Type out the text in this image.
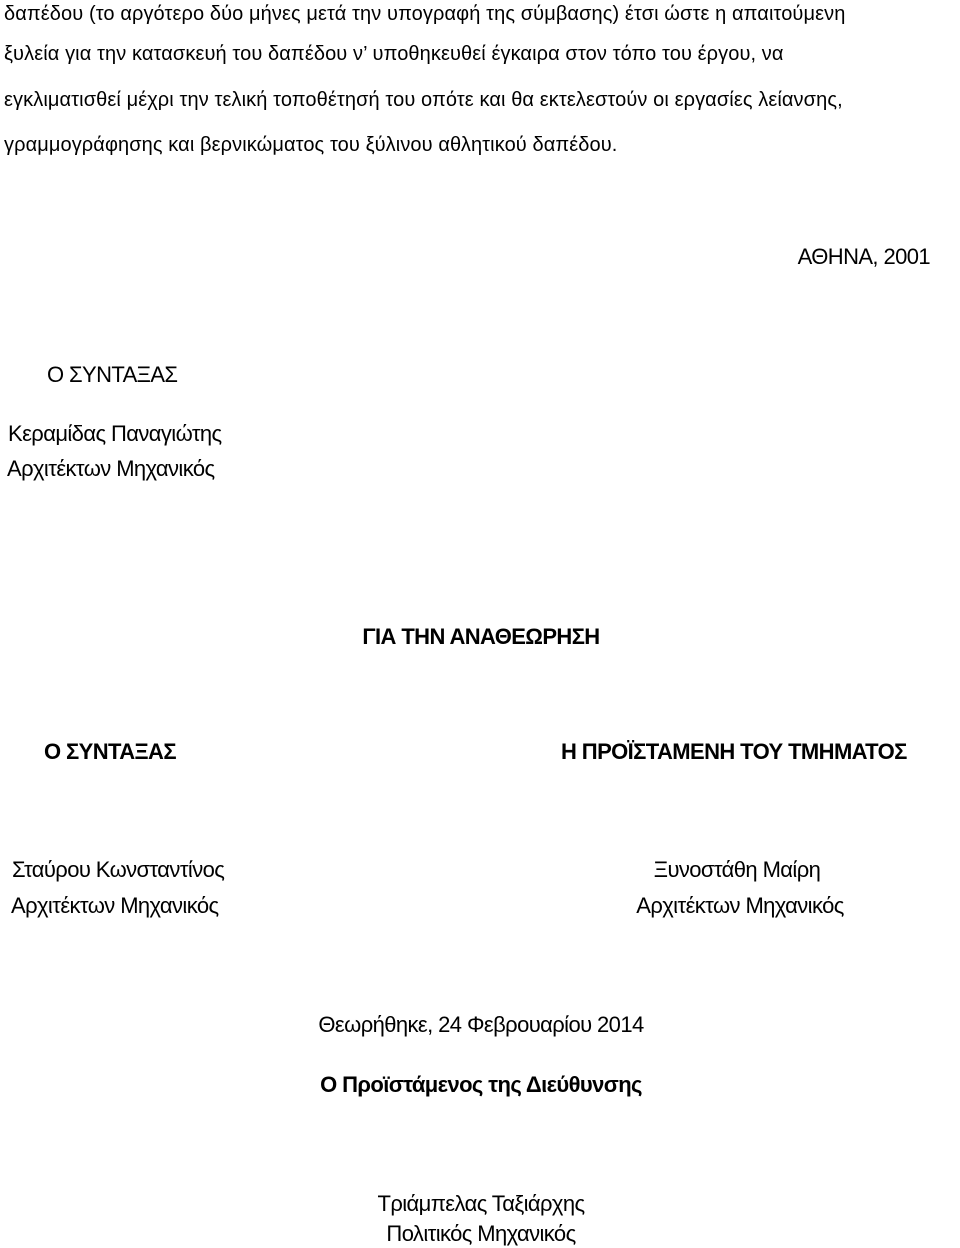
δαπέδου (το αργότερο δύο μήνες μετά την υπογραφή της σύμβασης) έτσι ώστε η απαιτούμενη
ξυλεία για την κατασκευή του δαπέδου ν’ υποθηκευθεί έγκαιρα στον τόπο του έργου, να
εγκλιματισθεί μέχρι την τελική τοποθέτησή του οπότε και θα εκτελεστούν οι εργασίες λείανσης,
γραμμογράφησης και βερνικώματος του ξύλινου αθλητικού δαπέδου.
ΑΘΗΝΑ, 2001
Ο ΣΥΝΤΑΞΑΣ
Κεραμίδας Παναγιώτης
Αρχιτέκτων Μηχανικός
ΓΙΑ ΤΗΝ ΑΝΑΘΕΩΡΗΣΗ
Ο ΣΥΝΤΑΞΑΣ
Σταύρου Κωνσταντίνος
Αρχιτέκτων Μηχανικός
Η ΠΡΟΪΣΤΑΜΕΝΗ ΤΟΥ ΤΜΗΜΑΤΟΣ
Ξυνοστάθη Μαίρη
Αρχιτέκτων Μηχανικός
Θεωρήθηκε, 24 Φεβρουαρίου 2014
Ο Προϊστάμενος της Διεύθυνσης
Τριάμπελας Ταξιάρχης
Πολιτικός Μηχανικός
